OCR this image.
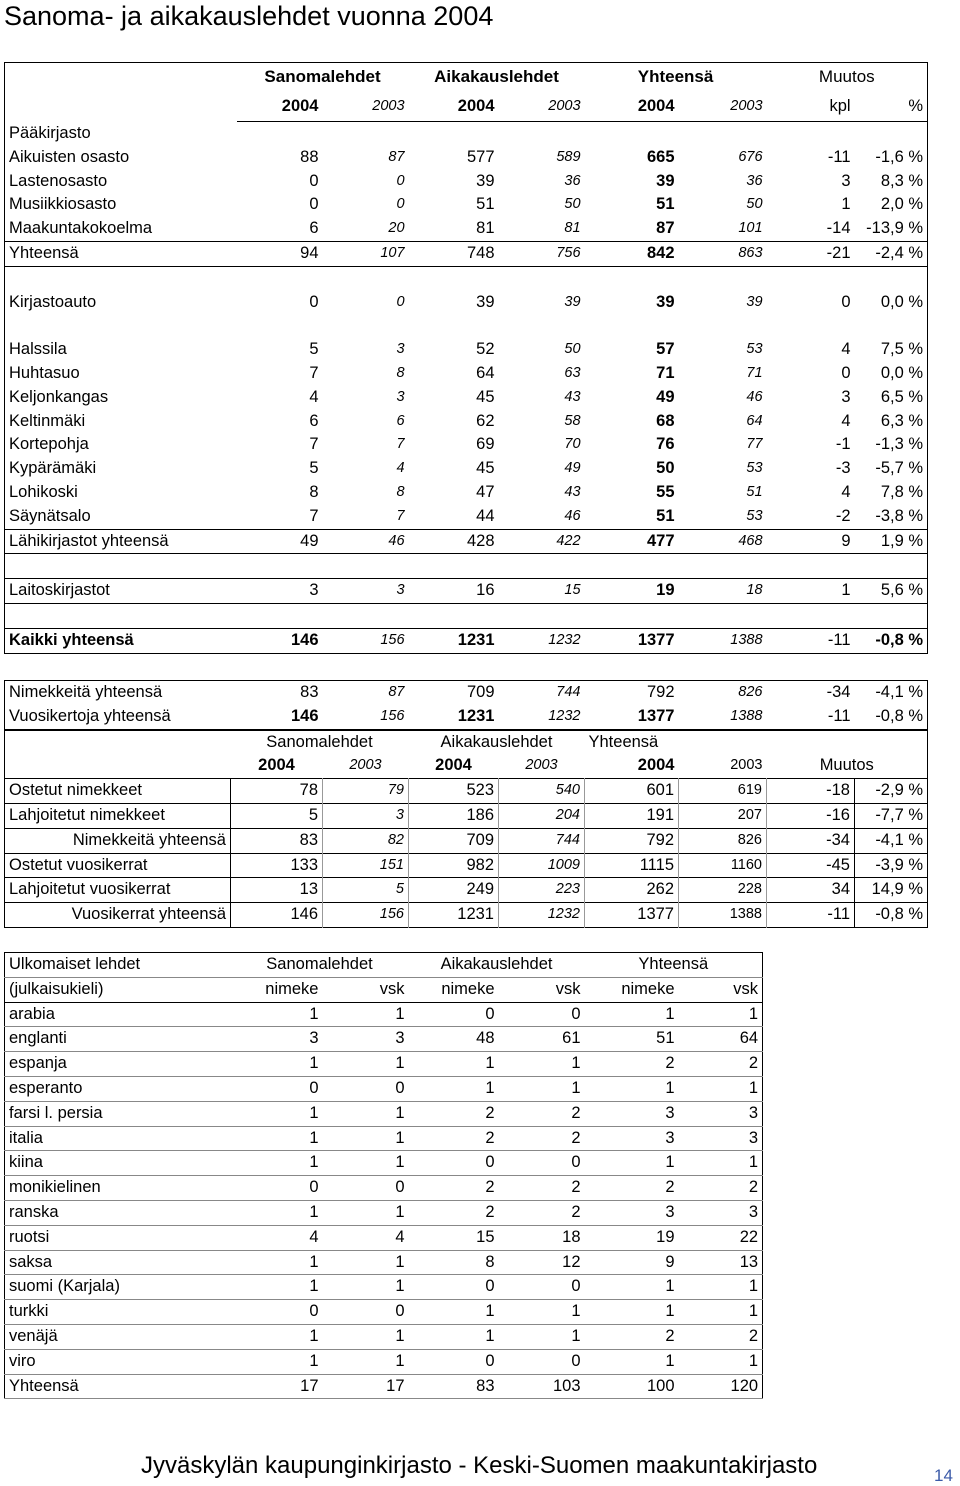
Sanoma- ja aikakauslehdet vuonna 2004
	Sanomalehdet		Aikakauslehdet		Yhteensä		Muutos	
	2004	2003	2004	2003	2004	2003	kpl	%
Pääkirjasto								
Aikuisten osasto	88	87	577	589	665	676	-11	-1,6 %
Lastenosasto	0	0	39	36	39	36	3	8,3 %
Musiikkiosasto	0	0	51	50	51	50	1	2,0 %
Maakuntakokoelma	6	20	81	81	87	101	-14	-13,9 %
Yhteensä	94	107	748	756	842	863	-21	-2,4 %

Kirjastoauto	0	0	39	39	39	39	0	0,0 %

Halssila	5	3	52	50	57	53	4	7,5 %
Huhtasuo	7	8	64	63	71	71	0	0,0 %
Keljonkangas	4	3	45	43	49	46	3	6,5 %
Keltinmäki	6	6	62	58	68	64	4	6,3 %
Kortepohja	7	7	69	70	76	77	-1	-1,3 %
Kypärämäki	5	4	45	49	50	53	-3	-5,7 %
Lohikoski	8	8	47	43	55	51	4	7,8 %
Säynätsalo	7	7	44	46	51	53	-2	-3,8 %
Lähikirjastot yhteensä	49	46	428	422	477	468	9	1,9 %

Laitoskirjastot	3	3	16	15	19	18	1	5,6 %

Kaikki yhteensä	146	156	1231	1232	1377	1388	-11	-0,8 %
Nimekkeitä yhteensä	83	87	709	744	792	826	-34	-4,1 %
Vuosikertoja yhteensä	146	156	1231	1232	1377	1388	-11	-0,8 %
	Sanomalehdet		Aikakauslehdet		Yhteensä			
	2004	2003	2004	2003	2004	2003	Muutos	
Ostetut nimekkeet	78	79	523	540	601	619	-18	-2,9 %
Lahjoitetut nimekkeet	5	3	186	204	191	207	-16	-7,7 %
Nimekkeitä yhteensä	83	82	709	744	792	826	-34	-4,1 %
Ostetut vuosikerrat	133	151	982	1009	1115	1160	-45	-3,9 %
Lahjoitetut vuosikerrat	13	5	249	223	262	228	34	14,9 %
Vuosikerrat yhteensä	146	156	1231	1232	1377	1388	-11	-0,8 %
Ulkomaiset lehdet	Sanomalehdet		Aikakauslehdet		Yhteensä	
(julkaisukieli)	nimeke	vsk	nimeke	vsk	nimeke	vsk
arabia	1	1	0	0	1	1
englanti	3	3	48	61	51	64
espanja	1	1	1	1	2	2
esperanto	0	0	1	1	1	1
farsi l. persia	1	1	2	2	3	3
italia	1	1	2	2	3	3
kiina	1	1	0	0	1	1
monikielinen	0	0	2	2	2	2
ranska	1	1	2	2	3	3
ruotsi	4	4	15	18	19	22
saksa	1	1	8	12	9	13
suomi (Karjala)	1	1	0	0	1	1
turkki	0	0	1	1	1	1
venäjä	1	1	1	1	2	2
viro	1	1	0	0	1	1
Yhteensä	17	17	83	103	100	120
Jyväskylän kaupunginkirjasto - Keski-Suomen maakuntakirjasto	14
